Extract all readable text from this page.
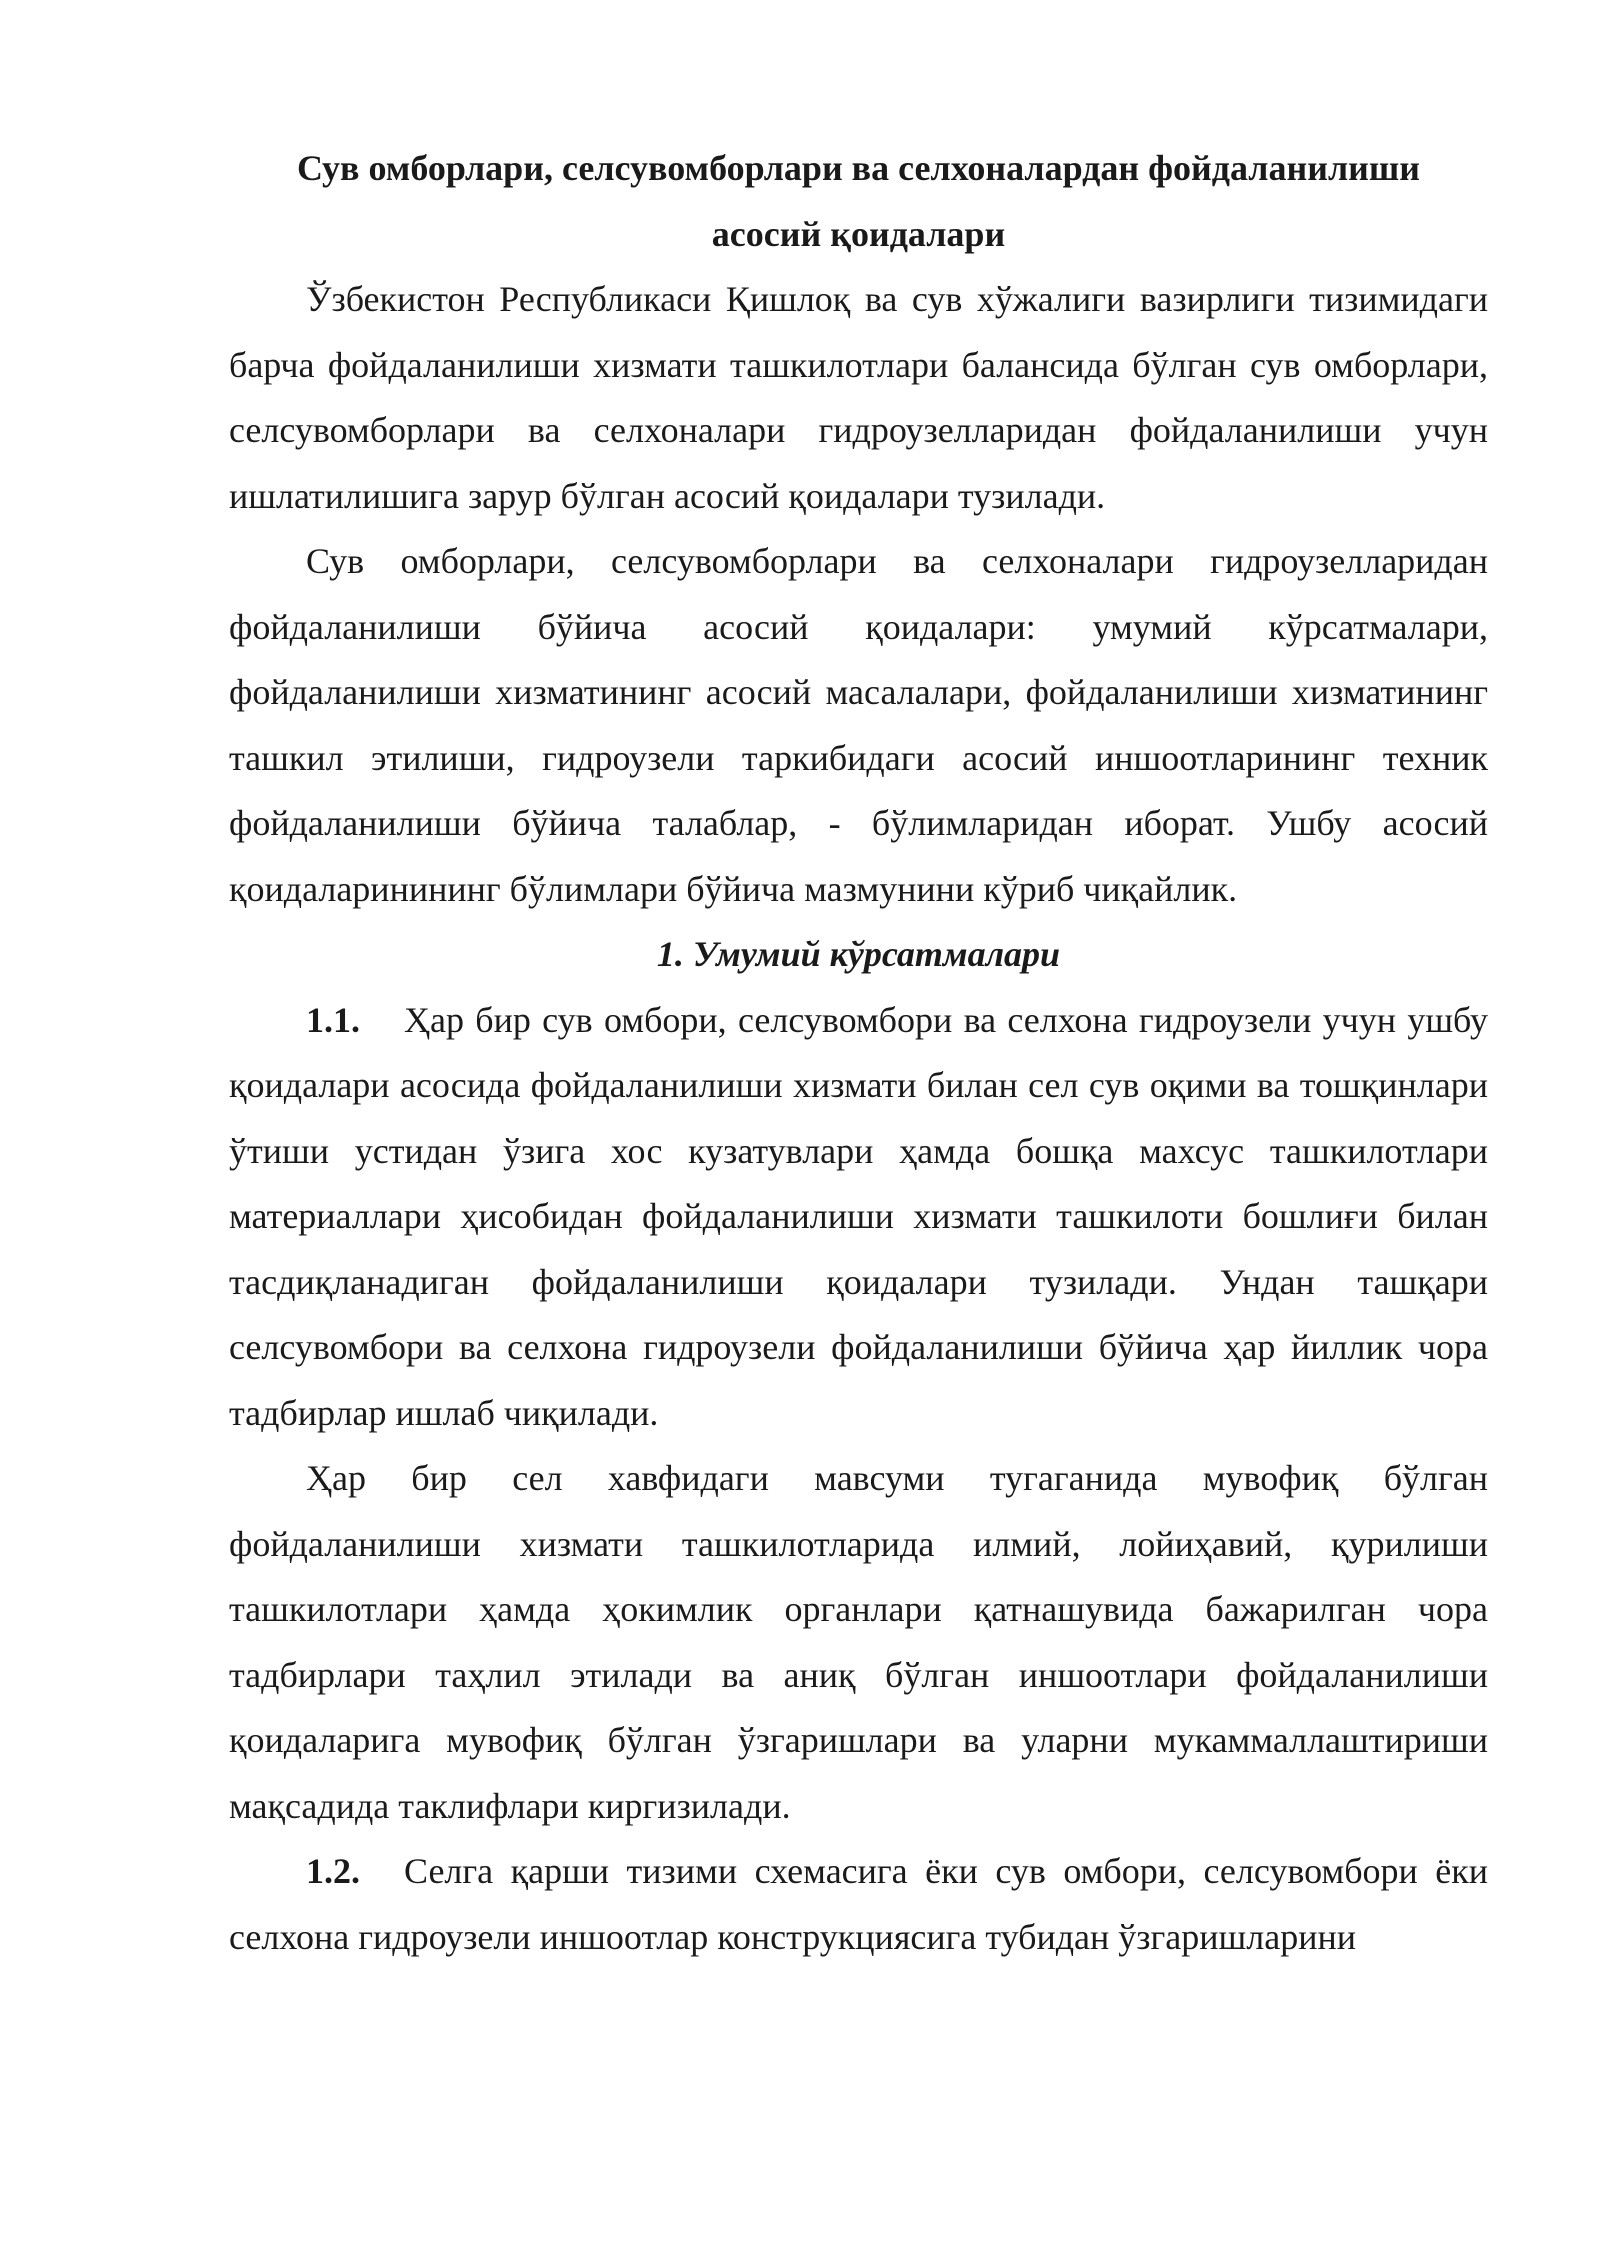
Сув омборлари, селсувомборлари ва селхоналардан фойдаланилиши
асосий қоидалари

Ўзбекистон Республикаси Қишлоқ ва сув хўжалиги вазирлиги тизимидаги барча фойдаланилиши хизмати ташкилотлари балансида бўлган сув омборлари, селсувомборлари ва селхоналари гидроузелларидан фойдаланилиши учун ишлатилишига зарур бўлган асосий қоидалари тузилади.

Сув омборлари, селсувомборлари ва селхоналари гидроузелларидан фойдаланилиши бўйича асосий қоидалари: умумий кўрсатмалари, фойдаланилиши хизматининг асосий масалалари, фойдаланилиши хизматининг ташкил этилиши, гидроузели таркибидаги асосий иншоотларининг техник фойдаланилиши бўйича талаблар, - бўлимларидан иборат. Ушбу асосий қоидаларинининг бўлимлари бўйича мазмунини кўриб чиқайлик.

1. Умумий кўрсатмалари

1.1. Ҳар бир сув омбори, селсувомбори ва селхона гидроузели учун ушбу қоидалари асосида фойдаланилиши хизмати билан сел сув оқими ва тошқинлари ўтиши устидан ўзига хос кузатувлари ҳамда бошқа махсус ташкилотлари материаллари ҳисобидан фойдаланилиши хизмати ташкилоти бошлиғи билан тасдиқланадиган фойдаланилиши қоидалари тузилади. Ундан ташқари селсувомбори ва селхона гидроузели фойдаланилиши бўйича ҳар йиллик чора тадбирлар ишлаб чиқилади.

Ҳар бир сел хавфидаги мавсуми тугаганида мувофиқ бўлган фойдаланилиши хизмати ташкилотларида илмий, лойиҳавий, қурилиши ташкилотлари ҳамда ҳокимлик органлари қатнашувида бажарилган чора тадбирлари таҳлил этилади ва аниқ бўлган иншоотлари фойдаланилиши қоидаларига мувофиқ бўлган ўзгаришлари ва уларни мукаммаллаштириши мақсадида таклифлари киргизилади.

1.2. Селга қарши тизими схемасига ёки сув омбори, селсувомбори ёки селхона гидроузели иншоотлар конструкциясига тубидан ўзгаришларини
